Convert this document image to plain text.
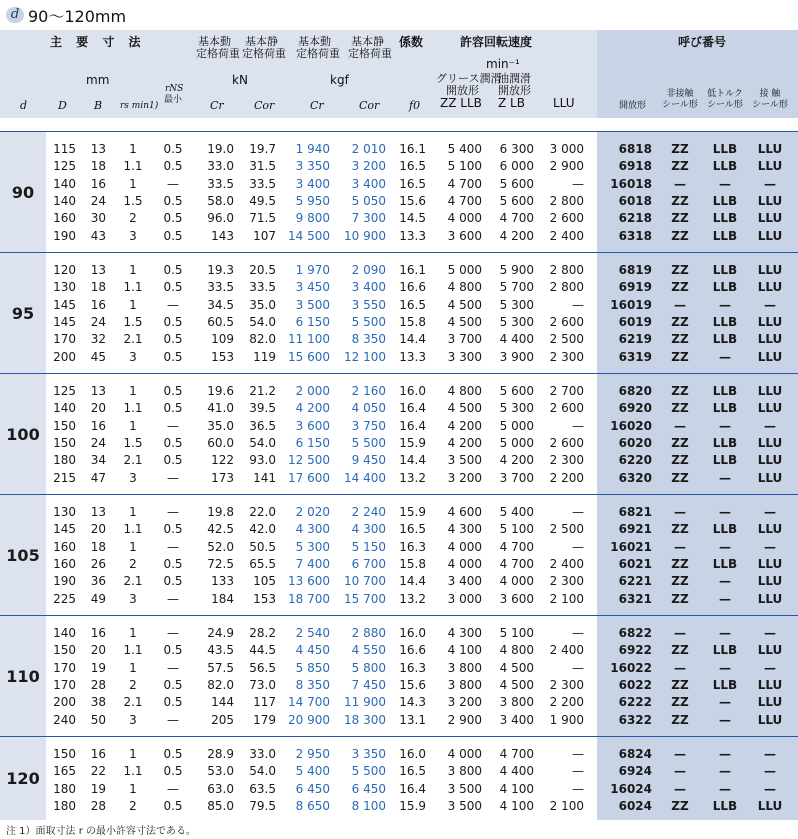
d 90～120mm
主 要 寸 法	基本動
定格荷重
基本静
定格荷重
基本動
定格荷重
基本静
定格荷重
係数	許容回転速度
min⁻¹
呼び番号
mm	kN	kgf	グリース潤滑
油潤滑
開放形 開放形
ZZ LLB Z LB LLU
rNS
最小
d	D B rs min1)	Cr	Cor	Cr	Cor	f0	開放形
非接触
シール形
低トルク
シール形
接 触
シール形
90
115	13	1	0.5	19.0	19.7	1 940	2 010	16.1	5 400	6 300	3 000	6818	ZZ	LLB	LLU
125	18	1.1	0.5	33.0	31.5	3 350	3 200	16.5	5 100	6 000	2 900	6918	ZZ	LLB	LLU
140	16	1	—	33.5	33.5	3 400	3 400	16.5	4 700	5 600	—	16018	—	—	—
140	24	1.5	0.5	58.0	49.5	5 950	5 050	15.6	4 700	5 600	2 800	6018	ZZ	LLB	LLU
160	30	2	0.5	96.0	71.5	9 800	7 300	14.5	4 000	4 700	2 600	6218	ZZ	LLB	LLU
190	43	3	0.5	143	107	14 500	10 900	13.3	3 600	4 200	2 400	6318	ZZ	LLB	LLU
95
120	13	1	0.5	19.3	20.5	1 970	2 090	16.1	5 000	5 900	2 800	6819	ZZ	LLB	LLU
130	18	1.1	0.5	33.5	33.5	3 450	3 400	16.6	4 800	5 700	2 800	6919	ZZ	LLB	LLU
145	16	1	—	34.5	35.0	3 500	3 550	16.5	4 500	5 300	—	16019	—	—	—
145	24	1.5	0.5	60.5	54.0	6 150	5 500	15.8	4 500	5 300	2 600	6019	ZZ	LLB	LLU
170	32	2.1	0.5	109	82.0	11 100	8 350	14.4	3 700	4 400	2 500	6219	ZZ	LLB	LLU
200	45	3	0.5	153	119	15 600	12 100	13.3	3 300	3 900	2 300	6319	ZZ	—	LLU
100
125	13	1	0.5	19.6	21.2	2 000	2 160	16.0	4 800	5 600	2 700	6820	ZZ	LLB	LLU
140	20	1.1	0.5	41.0	39.5	4 200	4 050	16.4	4 500	5 300	2 600	6920	ZZ	LLB	LLU
150	16	1	—	35.0	36.5	3 600	3 750	16.4	4 200	5 000	—	16020	—	—	—
150	24	1.5	0.5	60.0	54.0	6 150	5 500	15.9	4 200	5 000	2 600	6020	ZZ	LLB	LLU
180	34	2.1	0.5	122	93.0	12 500	9 450	14.4	3 500	4 200	2 300	6220	ZZ	LLB	LLU
215	47	3	—	173	141	17 600	14 400	13.2	3 200	3 700	2 200	6320	ZZ	—	LLU
105
130	13	1	—	19.8	22.0	2 020	2 240	15.9	4 600	5 400	—	6821	—	—	—
145	20	1.1	0.5	42.5	42.0	4 300	4 300	16.5	4 300	5 100	2 500	6921	ZZ	LLB	LLU
160	18	1	—	52.0	50.5	5 300	5 150	16.3	4 000	4 700	—	16021	—	—	—
160	26	2	0.5	72.5	65.5	7 400	6 700	15.8	4 000	4 700	2 400	6021	ZZ	LLB	LLU
190	36	2.1	0.5	133	105	13 600	10 700	14.4	3 400	4 000	2 300	6221	ZZ	—	LLU
225	49	3	—	184	153	18 700	15 700	13.2	3 000	3 600	2 100	6321	ZZ	—	LLU
110
140	16	1	—	24.9	28.2	2 540	2 880	16.0	4 300	5 100	—	6822	—	—	—
150	20	1.1	0.5	43.5	44.5	4 450	4 550	16.6	4 100	4 800	2 400	6922	ZZ	LLB	LLU
170	19	1	—	57.5	56.5	5 850	5 800	16.3	3 800	4 500	—	16022	—	—	—
170	28	2	0.5	82.0	73.0	8 350	7 450	15.6	3 800	4 500	2 300	6022	ZZ	LLB	LLU
200	38	2.1	0.5	144	117	14 700	11 900	14.3	3 200	3 800	2 200	6222	ZZ	—	LLU
240	50	3	—	205	179	20 900	18 300	13.1	2 900	3 400	1 900	6322	ZZ	—	LLU
120
150	16	1	0.5	28.9	33.0	2 950	3 350	16.0	4 000	4 700	—	6824	—	—	—
165	22	1.1	0.5	53.0	54.0	5 400	5 500	16.5	3 800	4 400	—	6924	—	—	—
180	19	1	—	63.0	63.5	6 450	6 450	16.4	3 500	4 100	—	16024	—	—	—
180	28	2	0.5	85.0	79.5	8 650	8 100	15.9	3 500	4 100	2 100	6024	ZZ	LLB	LLU
注 1）面取寸法 r の最小許容寸法である。
